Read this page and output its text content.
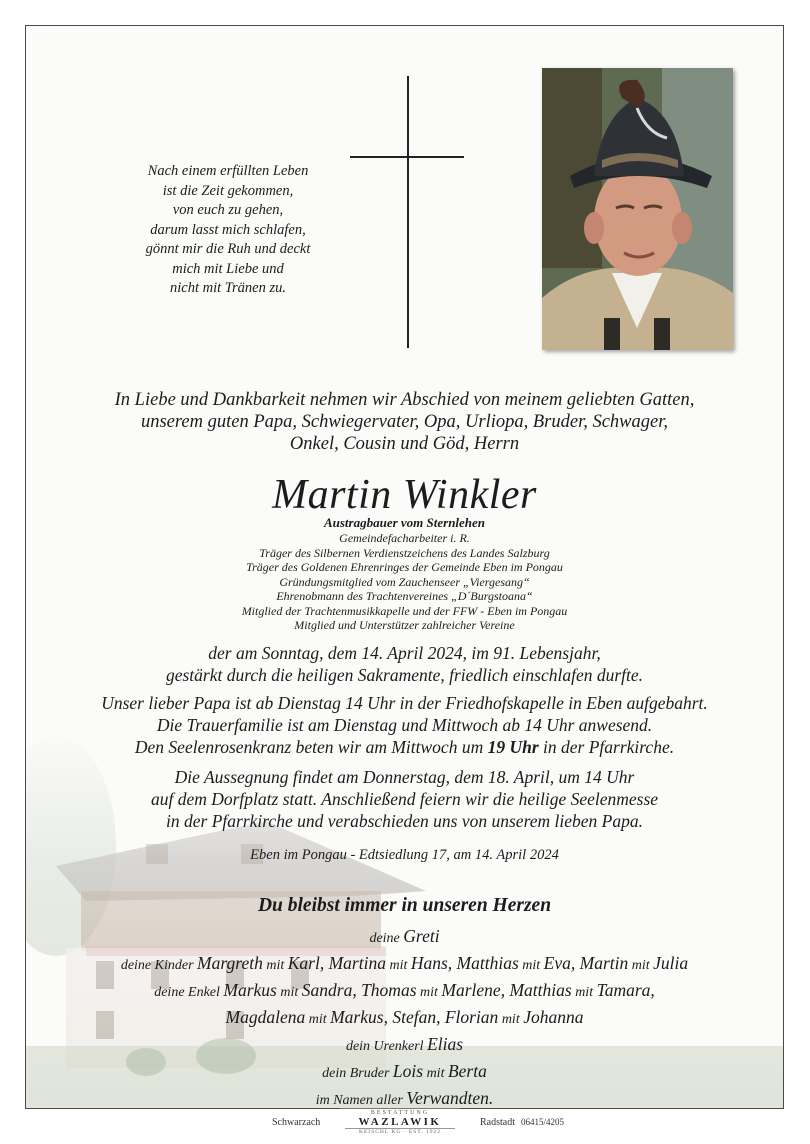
Nach einem erfüllten Leben
ist die Zeit gekommen,
von euch zu gehen,
darum lasst mich schlafen,
gönnt mir die Ruh und deckt
mich mit Liebe und
nicht mit Tränen zu.
In Liebe und Dankbarkeit nehmen wir Abschied von meinem geliebten Gatten,
unserem guten Papa, Schwiegervater, Opa, Urliopa, Bruder, Schwager,
Onkel, Cousin und Göd, Herrn
Martin Winkler
Austragbauer vom Sternlehen
Gemeindefacharbeiter i. R.
Träger des Silbernen Verdienstzeichens des Landes Salzburg
Träger des Goldenen Ehrenringes der Gemeinde Eben im Pongau
Gründungsmitglied vom Zauchenseer „Viergesang“
Ehrenobmann des Trachtenvereines „D´Burgstoana“
Mitglied der Trachtenmusikkapelle und der FFW - Eben im Pongau
Mitglied und Unterstützer zahlreicher Vereine
der am Sonntag, dem 14. April 2024, im 91. Lebensjahr,
gestärkt durch die heiligen Sakramente, friedlich einschlafen durfte.
Unser lieber Papa ist ab Dienstag 14 Uhr in der Friedhofskapelle in Eben aufgebahrt.
Die Trauerfamilie ist am Dienstag und Mittwoch ab 14 Uhr anwesend.
Den Seelenrosenkranz beten wir am Mittwoch um 19 Uhr in der Pfarrkirche.
Die Aussegnung findet am Donnerstag, dem 18. April, um 14 Uhr
auf dem Dorfplatz statt. Anschließend feiern wir die heilige Seelenmesse
in der Pfarrkirche und verabschieden uns von unserem lieben Papa.
Eben im Pongau - Edtsiedlung 17, am 14. April 2024
Du bleibst immer in unseren Herzen
deine Greti
deine Kinder Margreth mit Karl, Martina mit Hans, Matthias mit Eva, Martin mit Julia
deine Enkel Markus mit Sandra, Thomas mit Marlene, Matthias mit Tamara,
Magdalena mit Markus, Stefan, Florian mit Johanna
dein Urenkerl Elias
dein Bruder Lois mit Berta
im Namen aller Verwandten.
Schwarzach
BESTATTUNG
WAZLAWIK
KEISCHL KG · EST. 1922
Radstadt 06415/4205
